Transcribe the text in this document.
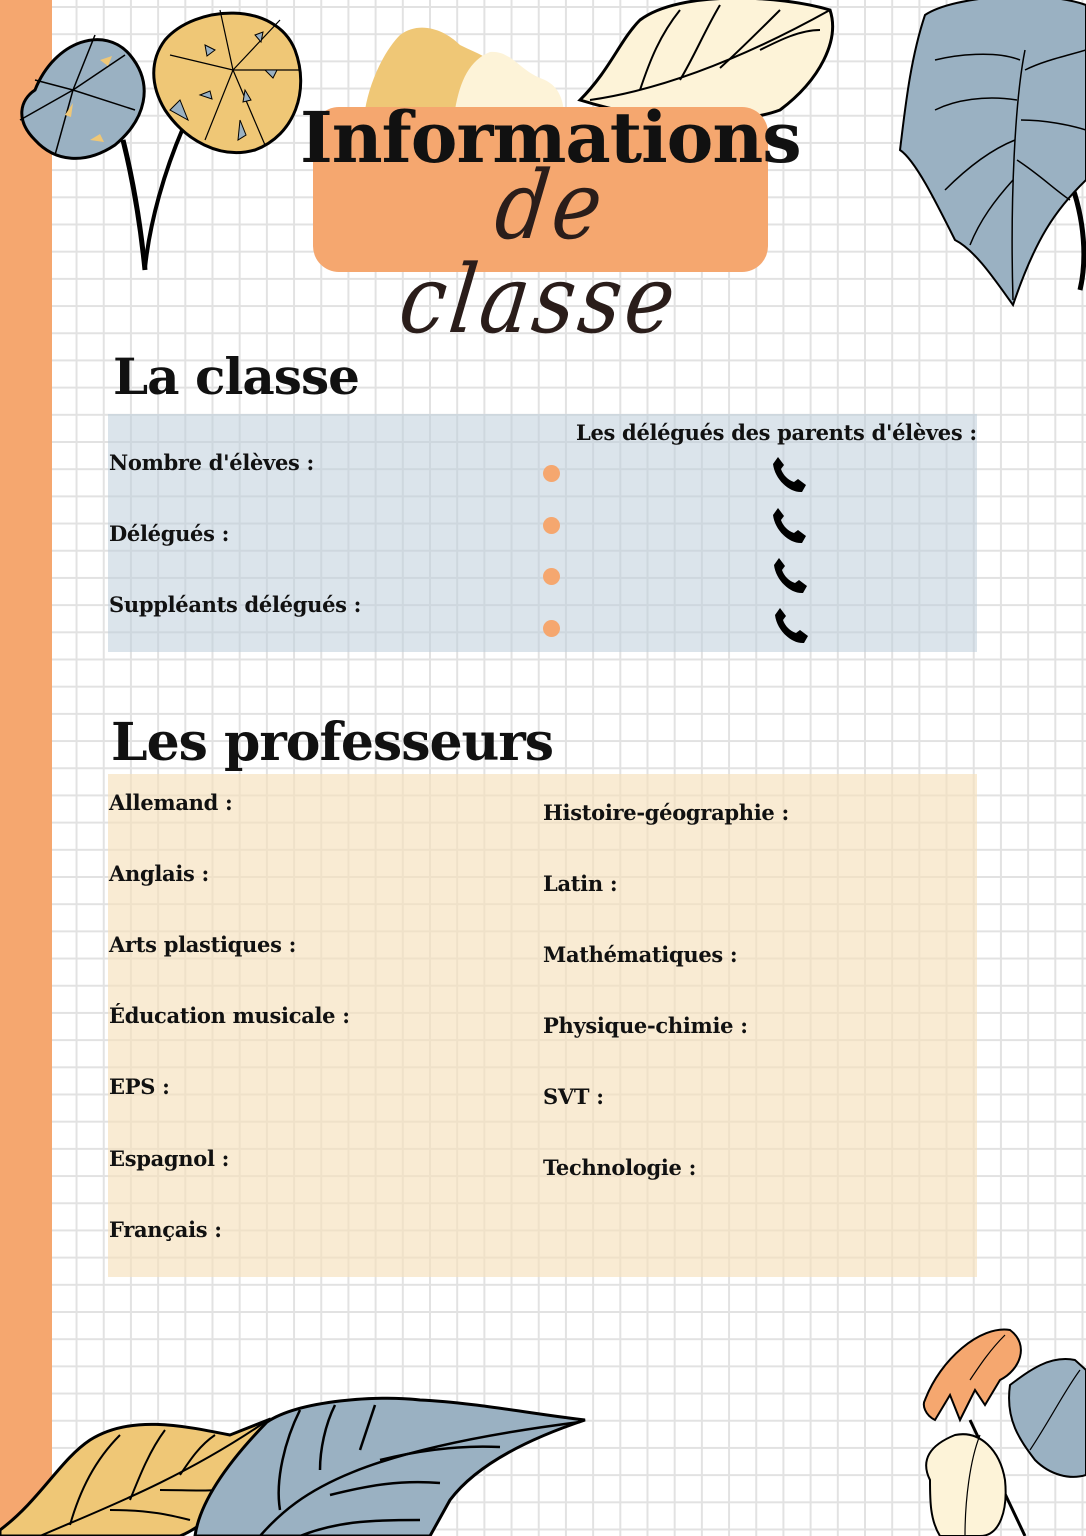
Informations
de classe
La classe
Nombre d'élèves :
Délégués :
Suppléants délégués :
Les délégués des parents d'élèves :
Les professeurs
Allemand :
Anglais :
Arts plastiques :
Éducation musicale :
EPS :
Espagnol :
Français :
Histoire-géographie :
Latin :
Mathématiques :
Physique-chimie :
SVT :
Technologie :
